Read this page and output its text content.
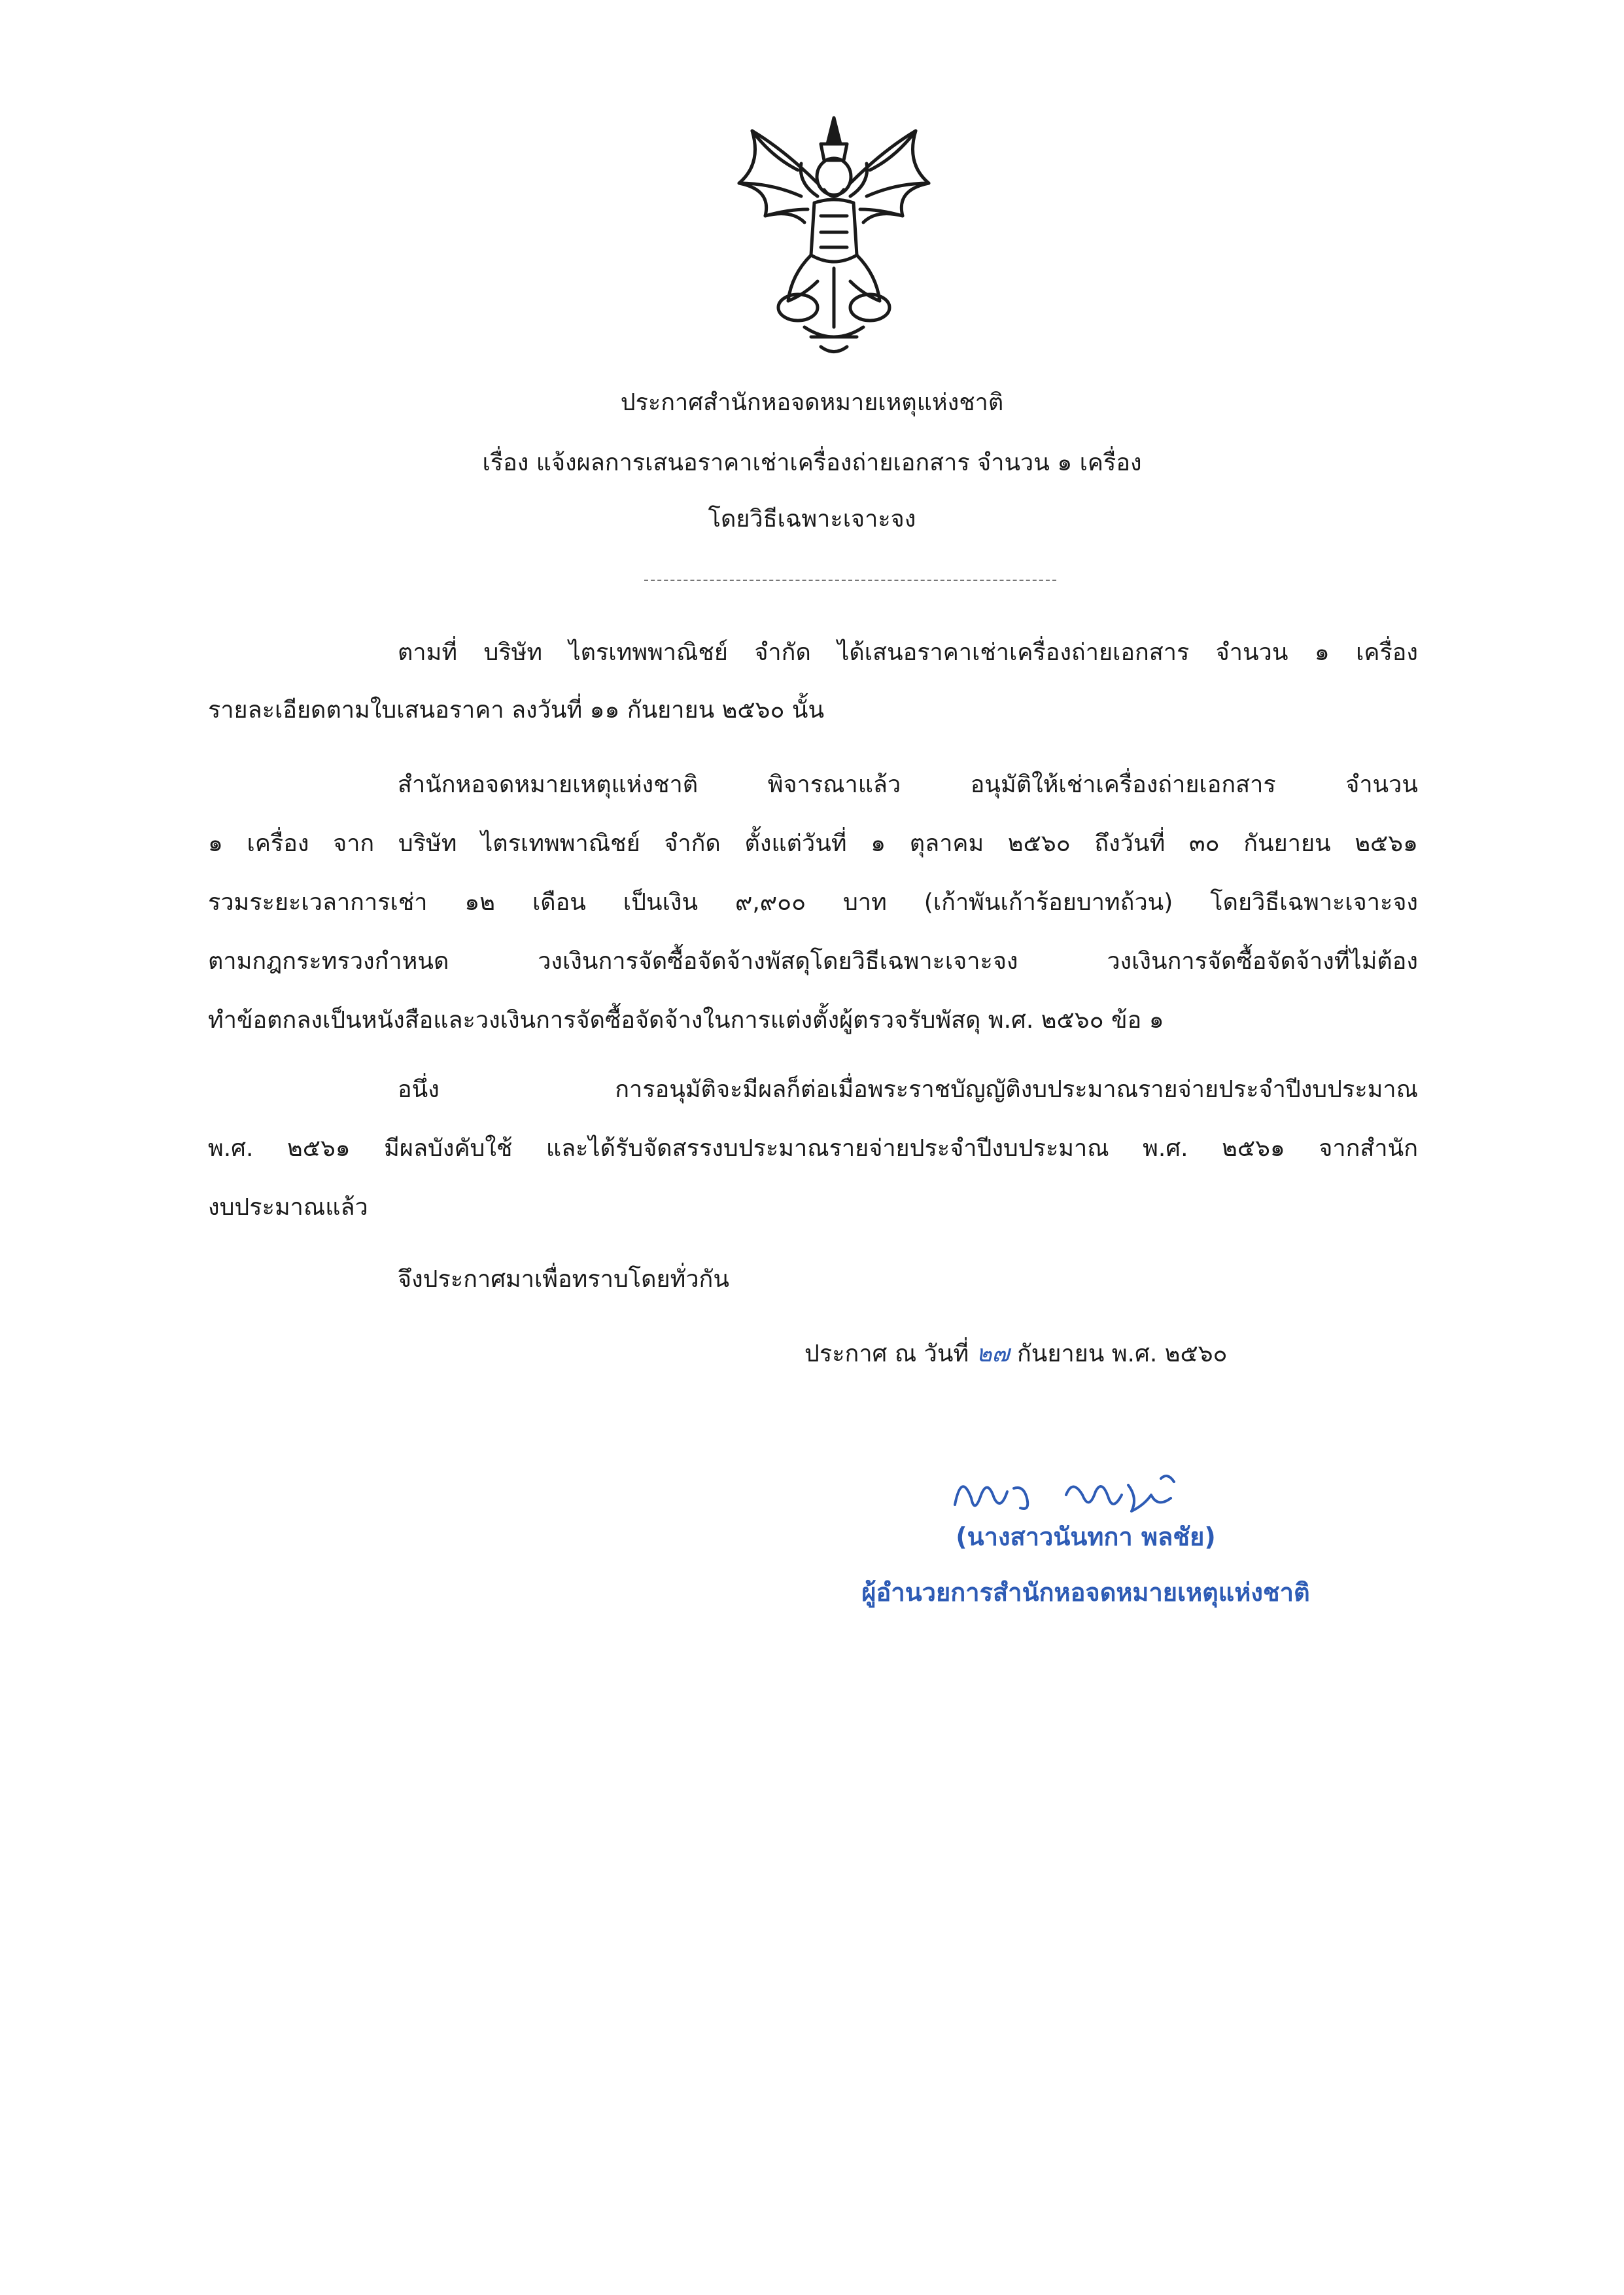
ประกาศสำนักหอจดหมายเหตุแห่งชาติ
เรื่อง แจ้งผลการเสนอราคาเช่าเครื่องถ่ายเอกสาร จำนวน ๑ เครื่อง
โดยวิธีเฉพาะเจาะจง
ตามที่ บริษัท ไตรเทพพาณิชย์ จำกัด ได้เสนอราคาเช่าเครื่องถ่ายเอกสาร จำนวน ๑ เครื่อง
รายละเอียดตามใบเสนอราคา ลงวันที่ ๑๑ กันยายน ๒๕๖๐ นั้น
สำนักหอจดหมายเหตุแห่งชาติ พิจารณาแล้ว อนุมัติให้เช่าเครื่องถ่ายเอกสาร จำนวน
๑ เครื่อง จาก บริษัท ไตรเทพพาณิชย์ จำกัด ตั้งแต่วันที่ ๑ ตุลาคม ๒๕๖๐ ถึงวันที่ ๓๐ กันยายน ๒๕๖๑
รวมระยะเวลาการเช่า ๑๒ เดือน เป็นเงิน ๙,๙๐๐ บาท (เก้าพันเก้าร้อยบาทถ้วน) โดยวิธีเฉพาะเจาะจง
ตามกฎกระทรวงกำหนด วงเงินการจัดซื้อจัดจ้างพัสดุโดยวิธีเฉพาะเจาะจง วงเงินการจัดซื้อจัดจ้างที่ไม่ต้อง
ทำข้อตกลงเป็นหนังสือและวงเงินการจัดซื้อจัดจ้างในการแต่งตั้งผู้ตรวจรับพัสดุ พ.ศ. ๒๕๖๐ ข้อ ๑
อนึ่ง การอนุมัติจะมีผลก็ต่อเมื่อพระราชบัญญัติงบประมาณรายจ่ายประจำปีงบประมาณ
พ.ศ. ๒๕๖๑ มีผลบังคับใช้ และได้รับจัดสรรงบประมาณรายจ่ายประจำปีงบประมาณ พ.ศ. ๒๕๖๑ จากสำนัก
งบประมาณแล้ว
จึงประกาศมาเพื่อทราบโดยทั่วกัน
ประกาศ ณ วันที่ ๒๗ กันยายน พ.ศ. ๒๕๖๐
(นางสาวนันทกา พลชัย)
ผู้อำนวยการสำนักหอจดหมายเหตุแห่งชาติ
